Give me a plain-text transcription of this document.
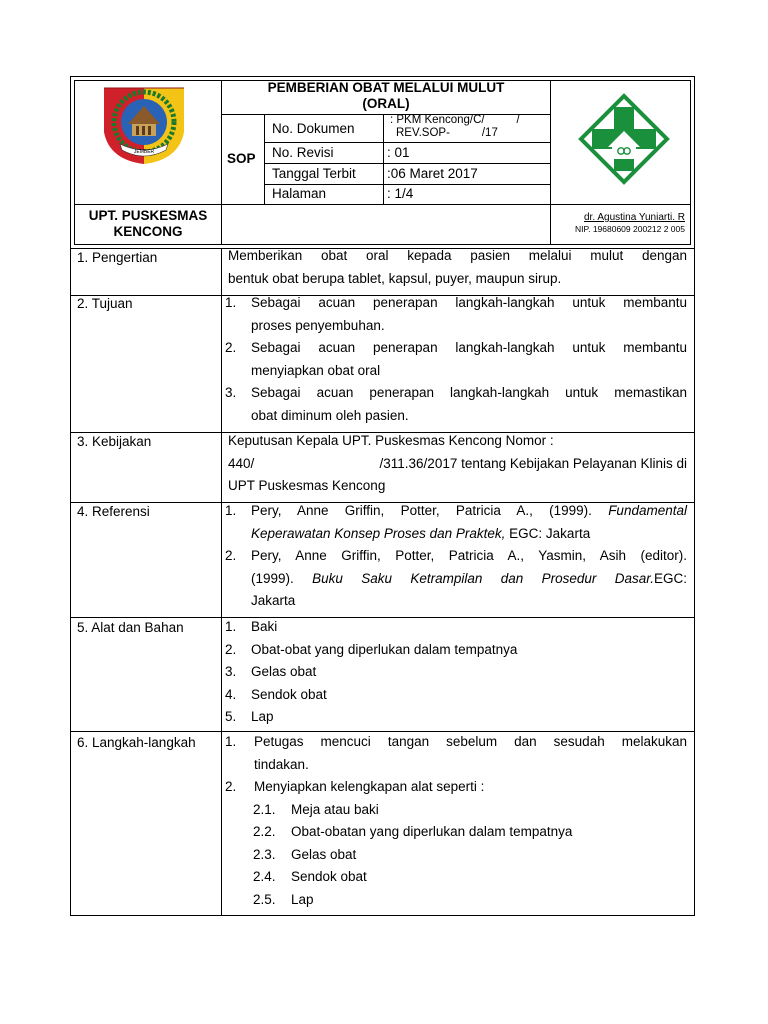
JEMBER
PEMBERIAN OBAT MELALUI MULUT
(ORAL)
SOP
No. Dokumen
: PKM Kencong/C/          /
REV.SOP-          /17
No. Revisi	: 01
Tanggal Terbit :06 Maret 2017
Halaman	: 1/4
UPT. PUSKESMAS
KENCONG
dr. Agustina Yuniarti. R
NIP. 19680609 200212 2 005
1. Pengertian	Memberikan obat oral kepada pasien melalui mulut dengan
bentuk obat berupa tablet, kapsul, puyer, maupun sirup.
2. Tujuan	1. Sebagai acuan penerapan langkah-langkah untuk membantu
proses penyembuhan.
2. Sebagai acuan penerapan langkah-langkah untuk membantu
menyiapkan obat oral
3. Sebagai acuan penerapan langkah-langkah untuk memastikan
obat diminum oleh pasien.
3. Kebijakan	Keputusan Kepala UPT. Puskesmas Kencong Nomor :
440/	/311.36/2017 tentang Kebijakan Pelayanan Klinis di
UPT Puskesmas Kencong
4. Referensi	1. Pery, Anne Griffin, Potter, Patricia A., (1999). Fundamental
Keperawatan Konsep Proses dan Praktek, EGC: Jakarta
2. Pery, Anne Griffin, Potter, Patricia A., Yasmin, Asih (editor).
(1999). Buku Saku Ketrampilan dan Prosedur Dasar.EGC:
Jakarta
5. Alat dan Bahan	1. Baki
2. Obat-obat yang diperlukan dalam tempatnya
3. Gelas obat
4. Sendok obat
5. Lap
6. Langkah-langkah 1. Petugas mencuci tangan sebelum dan sesudah melakukan
tindakan.
2. Menyiapkan kelengkapan alat seperti :
2.1. Meja atau baki
2.2. Obat-obatan yang diperlukan dalam tempatnya
2.3. Gelas obat
2.4. Sendok obat
2.5. Lap
